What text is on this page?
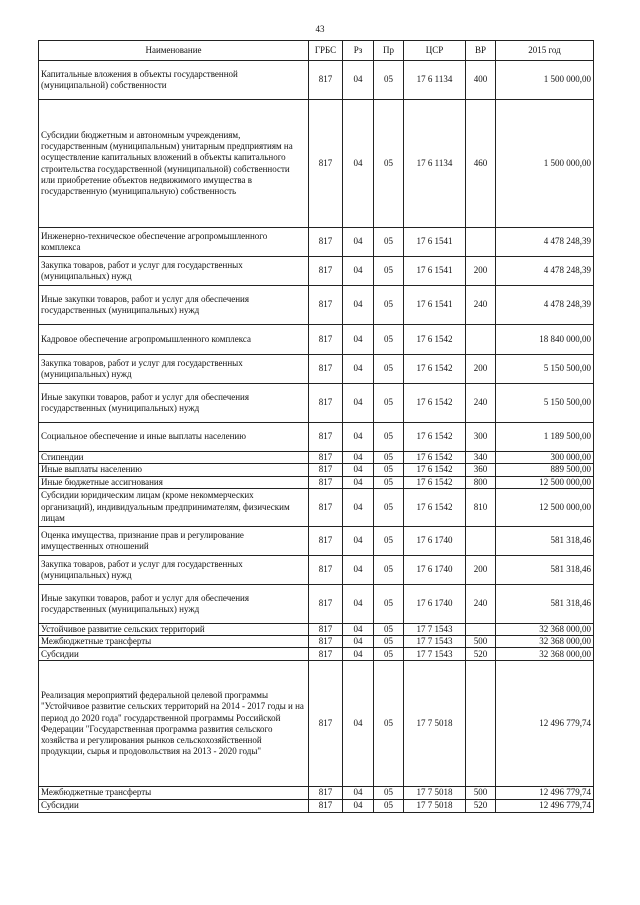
43
Наименование	ГРБС	Рз	Пр	ЦСР	ВР	2015 год
Капитальные вложения в объекты государственной (муниципальной) собственности	817	04	05	17 6 1134	400	1 500 000,00
Субсидии бюджетным и автономным учреждениям, государственным (муниципальным) унитарным предприятиям на осуществление капитальных вложений в объекты капитального строительства государственной (муниципальной) собственности или приобретение объектов недвижимого имущества в государственную (муниципальную) собственность	817	04	05	17 6 1134	460	1 500 000,00
Инженерно-техническое обеспечение агропромышленного комплекса	817	04	05	17 6 1541		4 478 248,39
Закупка товаров, работ и услуг для государственных (муниципальных) нужд	817	04	05	17 6 1541	200	4 478 248,39
Иные закупки товаров, работ и услуг для обеспечения государственных (муниципальных) нужд	817	04	05	17 6 1541	240	4 478 248,39
Кадровое обеспечение агропромышленного комплекса	817	04	05	17 6 1542		18 840 000,00
Закупка товаров, работ и услуг для государственных (муниципальных) нужд	817	04	05	17 6 1542	200	5 150 500,00
Иные закупки товаров, работ и услуг для обеспечения государственных (муниципальных) нужд	817	04	05	17 6 1542	240	5 150 500,00
Социальное обеспечение и иные выплаты населению	817	04	05	17 6 1542	300	1 189 500,00
Стипендии	817	04	05	17 6 1542	340	300 000,00
Иные выплаты населению	817	04	05	17 6 1542	360	889 500,00
Иные бюджетные ассигнования	817	04	05	17 6 1542	800	12 500 000,00
Субсидии юридическим лицам (кроме некоммерческих организаций), индивидуальным предпринимателям, физическим лицам	817	04	05	17 6 1542	810	12 500 000,00
Оценка имущества, признание прав и регулирование имущественных отношений	817	04	05	17 6 1740		581 318,46
Закупка товаров, работ и услуг для государственных (муниципальных) нужд	817	04	05	17 6 1740	200	581 318,46
Иные закупки товаров, работ и услуг для обеспечения государственных (муниципальных) нужд	817	04	05	17 6 1740	240	581 318,46
Устойчивое развитие сельских территорий	817	04	05	17 7 1543		32 368 000,00
Межбюджетные трансферты	817	04	05	17 7 1543	500	32 368 000,00
Субсидии	817	04	05	17 7 1543	520	32 368 000,00
Реализация мероприятий федеральной целевой программы "Устойчивое развитие сельских территорий на 2014 - 2017 годы и на период до 2020 года" государственной программы Российской Федерации "Государственная программа развития сельского хозяйства и регулирования рынков сельскохозяйственной продукции, сырья и продовольствия на 2013 - 2020 годы"	817	04	05	17 7 5018		12 496 779,74
Межбюджетные трансферты	817	04	05	17 7 5018	500	12 496 779,74
Субсидии	817	04	05	17 7 5018	520	12 496 779,74
